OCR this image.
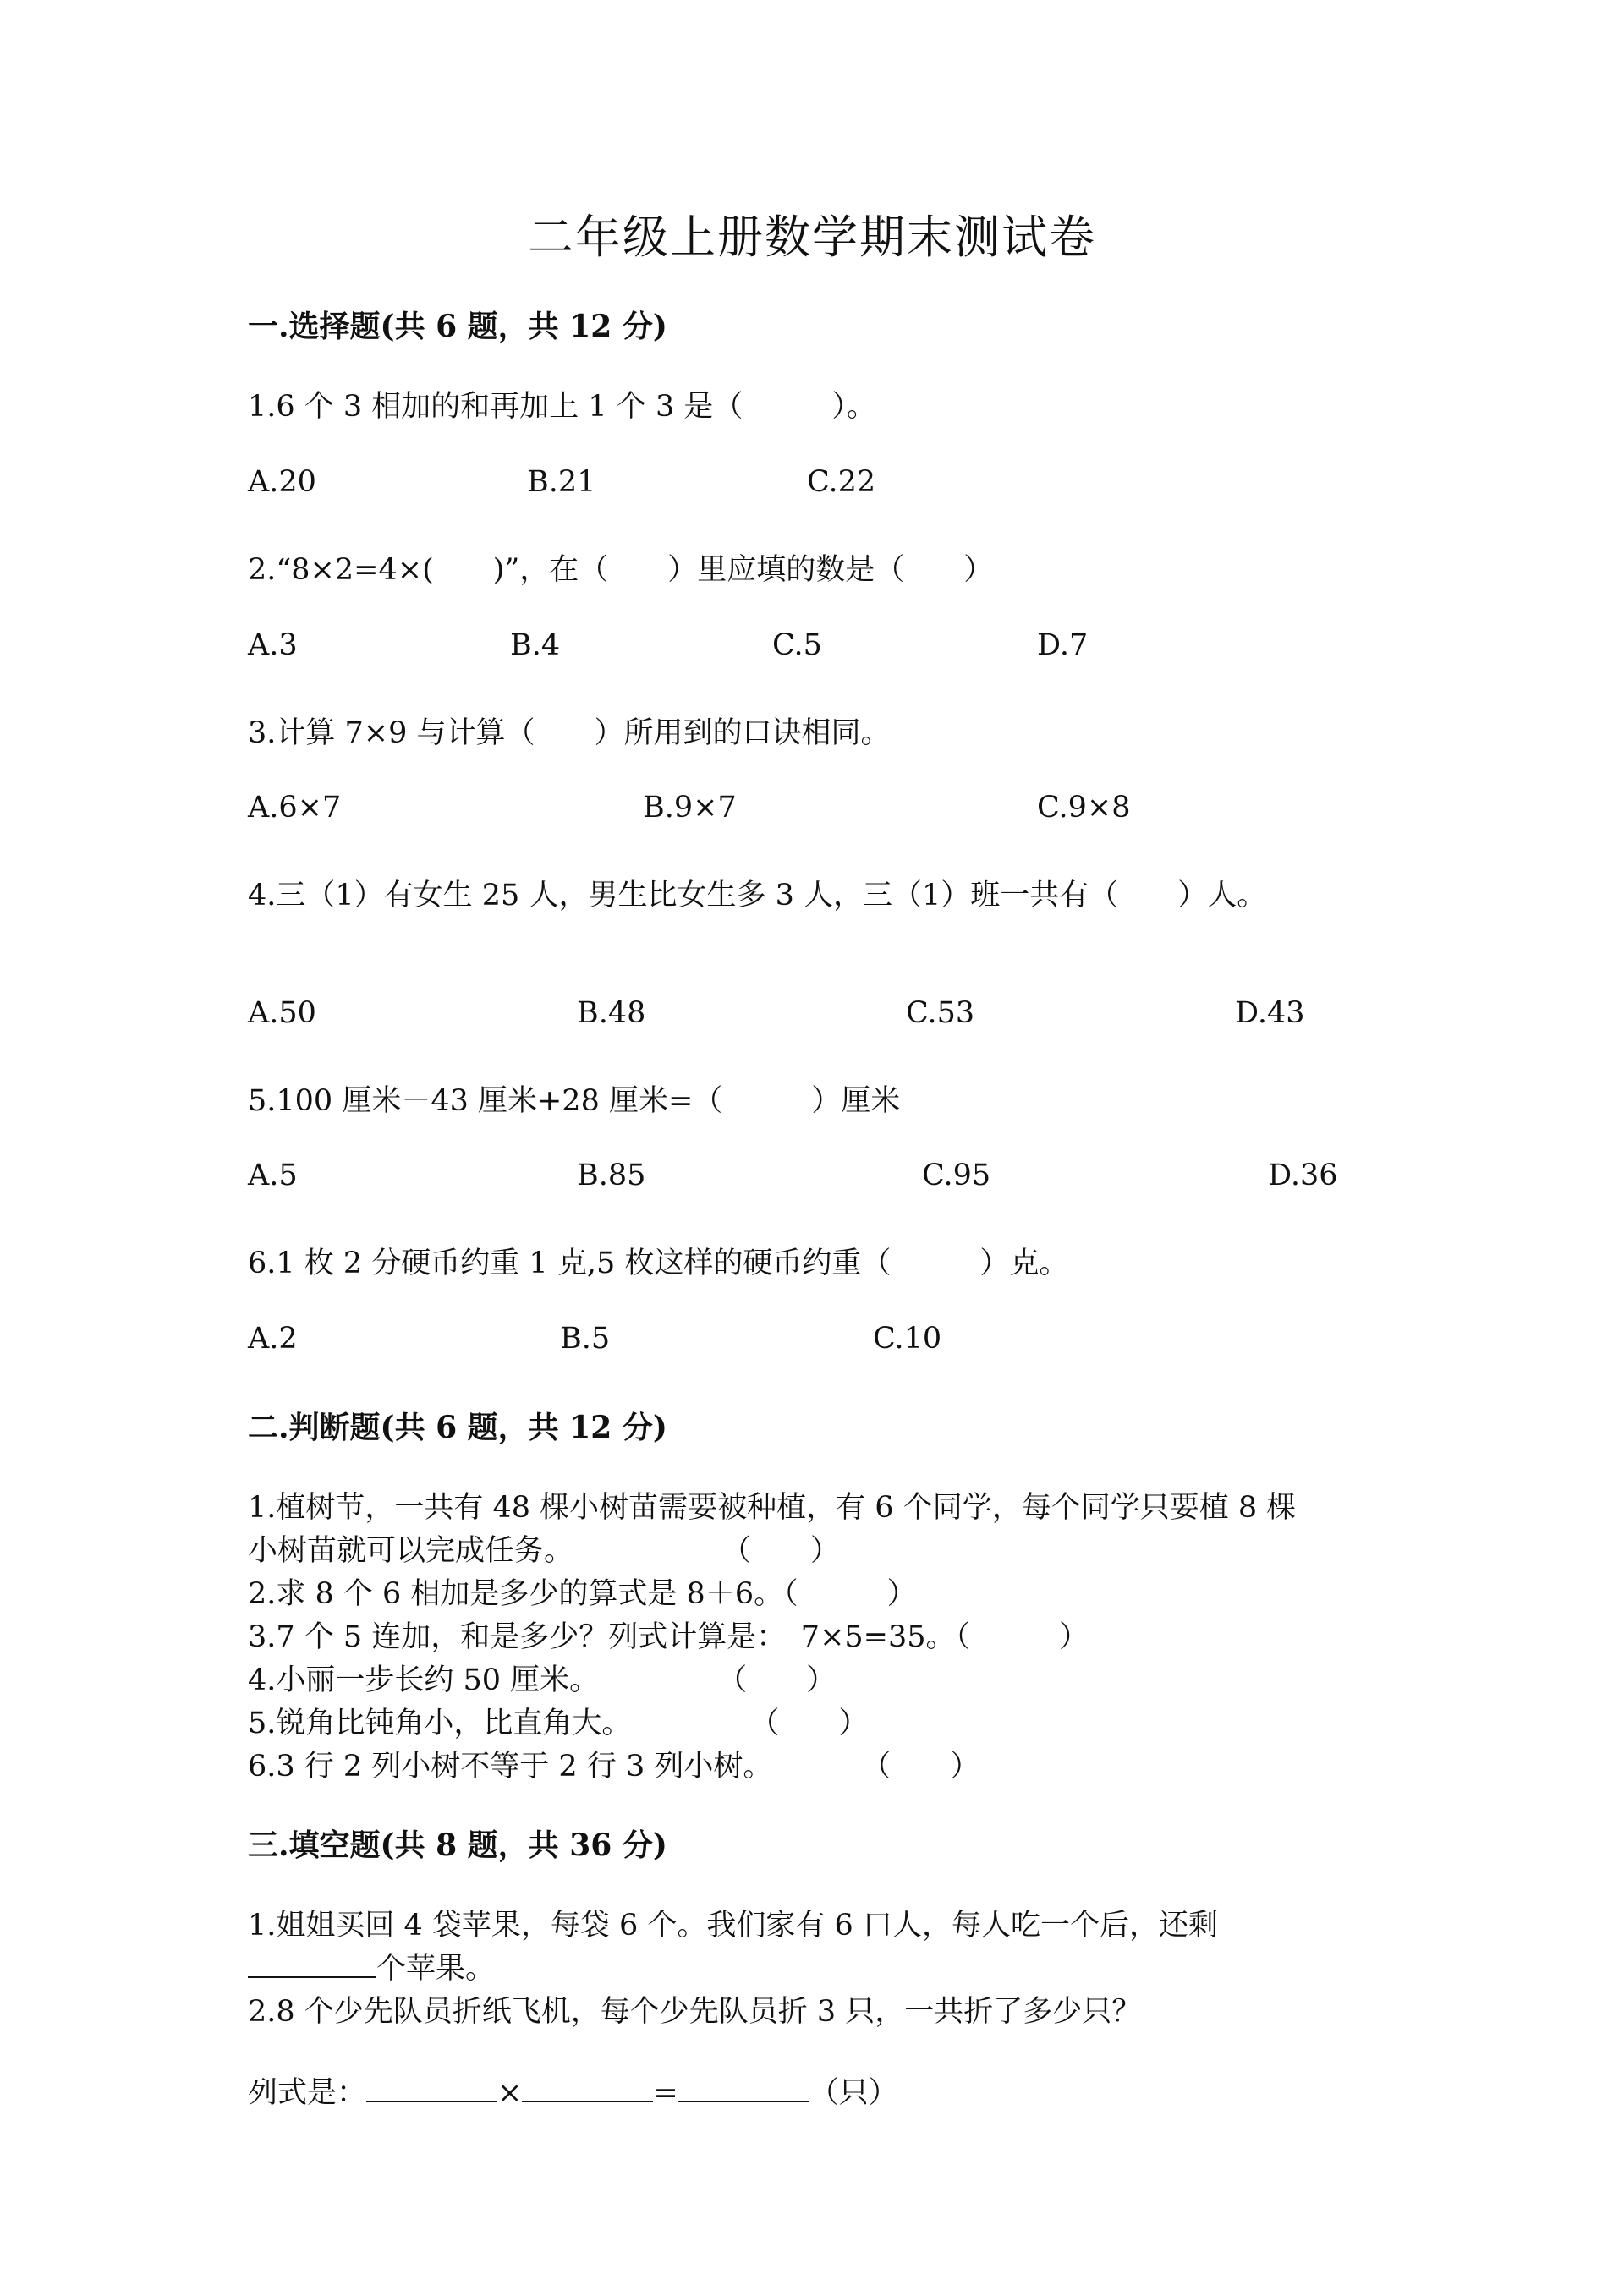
二年级上册数学期末测试卷
一.选择题(共 6 题，共 12 分)
1.6 个 3 相加的和再加上 1 个 3 是（　　　）。
A.20	B.21	C.22
2.“8×2=4×(　　)”，在（　　）里应填的数是（　　）
A.3	B.4	C.5	D.7
3.计算 7×9 与计算（　　）所用到的口诀相同。
A.6×7	B.9×7	C.9×8
4.三（1）有女生 25 人，男生比女生多 3 人，三（1）班一共有（　　）人。
A.50	B.48	C.53	D.43
5.100 厘米－43 厘米+28 厘米=（　　　）厘米
A.5	B.85	C.95	D.36
6.1 枚 2 分硬币约重 1 克,5 枚这样的硬币约重（　　　）克。
A.2	B.5	C.10
二.判断题(共 6 题，共 12 分)
1.植树节，一共有 48 棵小树苗需要被种植，有 6 个同学，每个同学只要植 8 棵
小树苗就可以完成任务。　　　　　　（　　）
2.求 8 个 6 相加是多少的算式是 8＋6。（　　　）
3.7 个 5 连加，和是多少？列式计算是：　7×5=35。（　　　）
4.小丽一步长约 50 厘米。　　　　　（　　）
5.锐角比钝角小，比直角大。　　　　　（　　）
6.3 行 2 列小树不等于 2 行 3 列小树。　　　　（　　）
三.填空题(共 8 题，共 36 分)
1.姐姐买回 4 袋苹果，每袋 6 个。我们家有 6 口人，每人吃一个后，还剩
个苹果。
2.8 个少先队员折纸飞机，每个少先队员折 3 只，一共折了多少只？
列式是：	×	=	（只）
